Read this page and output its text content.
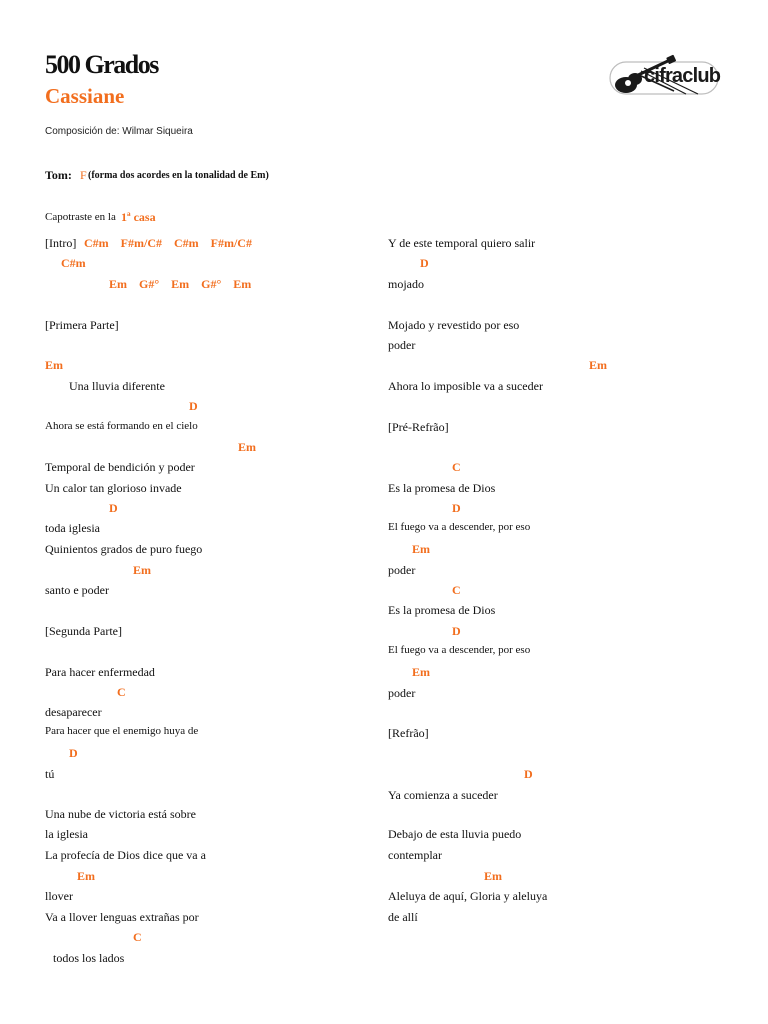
500 Grados
Cassiane
Composición de: Wilmar Siqueira
Tom: F (forma dos acordes en la tonalidad de Em)
Capotraste en la 1ª casa
cifraclub
[Intro] C#m    F#m/C#    C#m    F#m/C#
C#m
Em    G#°    Em    G#°    Em
[Primera Parte]
Em
Una lluvia diferente
D
Ahora se está formando en el cielo
Em
Temporal de bendición y poder
Un calor tan glorioso invade
D
toda iglesia
Quinientos grados de puro fuego
Em
santo e poder
[Segunda Parte]
Para hacer enfermedad
C
desaparecer
Para hacer que el enemigo huya de
D
tú
Una nube de victoria está sobre
la iglesia
La profecía de Dios dice que va a
Em
llover
Va a llover lenguas extrañas por
C
todos los lados
Y de este temporal quiero salir
D
mojado
Mojado y revestido por eso
poder
Em
Ahora lo imposible va a suceder
[Pré-Refrão]
C
Es la promesa de Dios
D
El fuego va a descender, por eso
Em
poder
C
Es la promesa de Dios
D
El fuego va a descender, por eso
Em
poder
[Refrão]
D
Ya comienza a suceder
Debajo de esta lluvia puedo
contemplar
Em
Aleluya de aquí, Gloria y aleluya
de allí
